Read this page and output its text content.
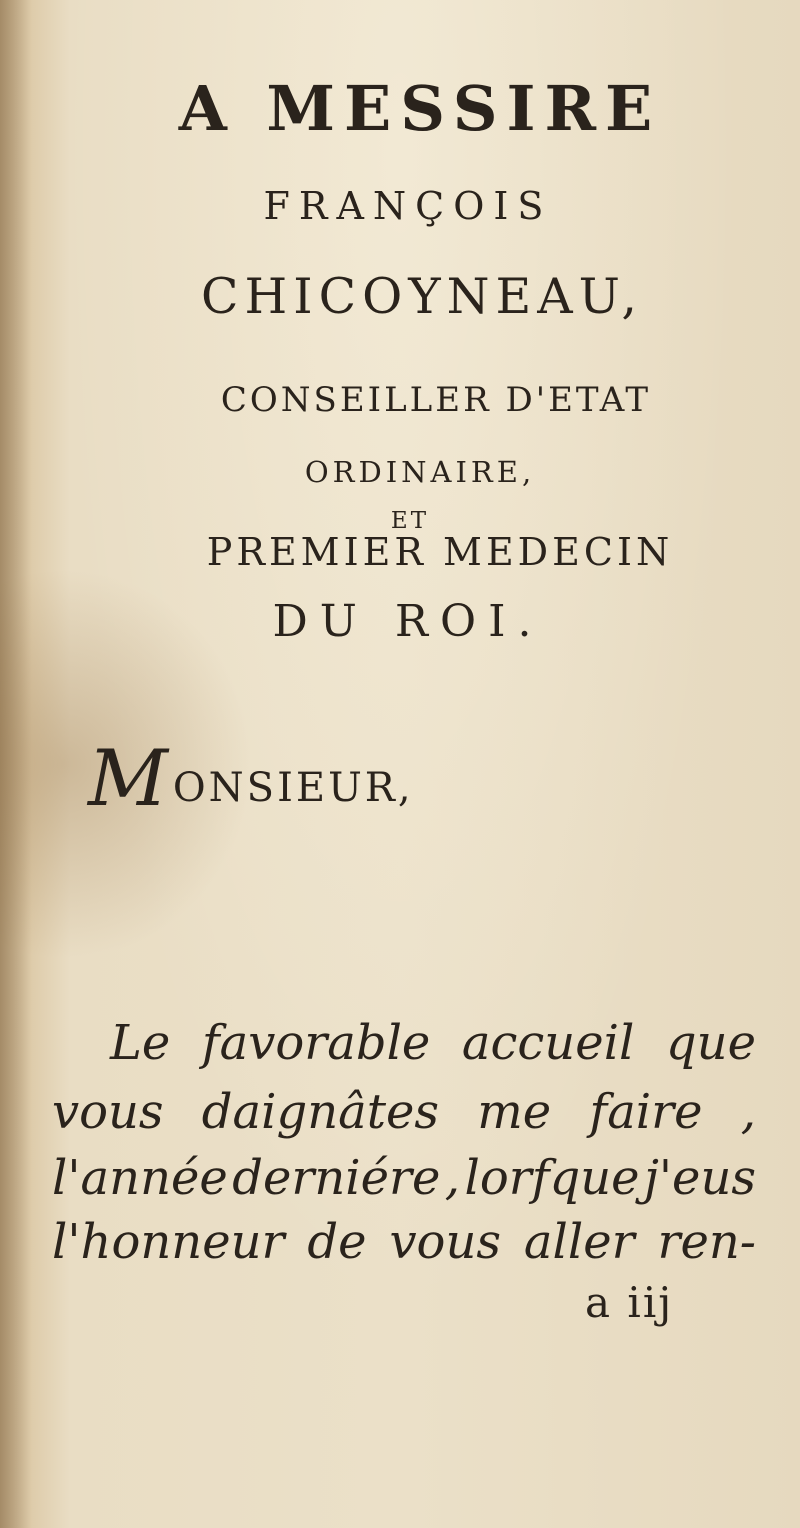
A MESSIRE
FRANÇOIS
CHICOYNEAU,
CONSEILLER D'ETAT
ORDINAIRE,
ET
PREMIER MEDECIN
DU ROI.
MONSIEUR,
Le favorable accueil que
vous daignâtes me faire ,
l'année derniére , lorfque j'eus
l'honneur de vous aller ren-
a iij
